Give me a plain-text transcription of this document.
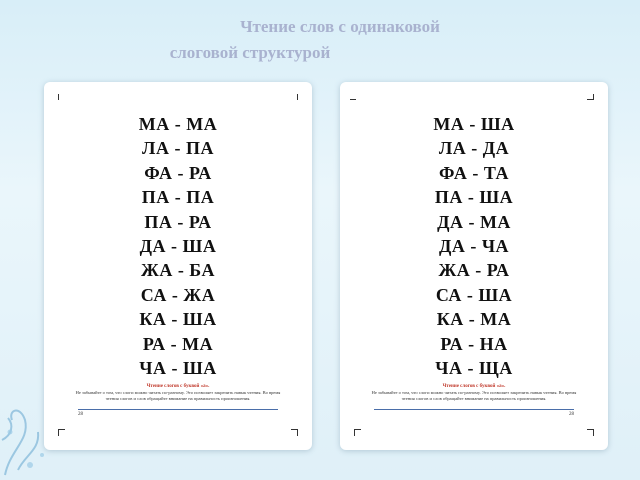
Чтение слов с одинаковой
слоговой структурой
МА - МА
ЛА - ПА
ФА - РА
ПА - ПА
ПА - РА
ДА - ША
ЖА - БА
СА - ЖА
КА - ША
РА - МА
ЧА - ША
Чтение слогов с буквой «а».
Не забывайте о том, что слоги можно читать по-разному. Это позволяет закрепить навык чтения. Во время чтения слогов и слов обращайте внимание на правильность произношения.
28
МА - ША
ЛА - ДА
ФА - ТА
ПА - ША
ДА - МА
ДА - ЧА
ЖА - РА
СА - ША
КА - МА
РА - НА
ЧА - ЩА
Чтение слогов с буквой «а».
Не забывайте о том, что слоги можно читать по-разному. Это позволяет закрепить навык чтения. Во время чтения слогов и слов обращайте внимание на правильность произношения.
28
